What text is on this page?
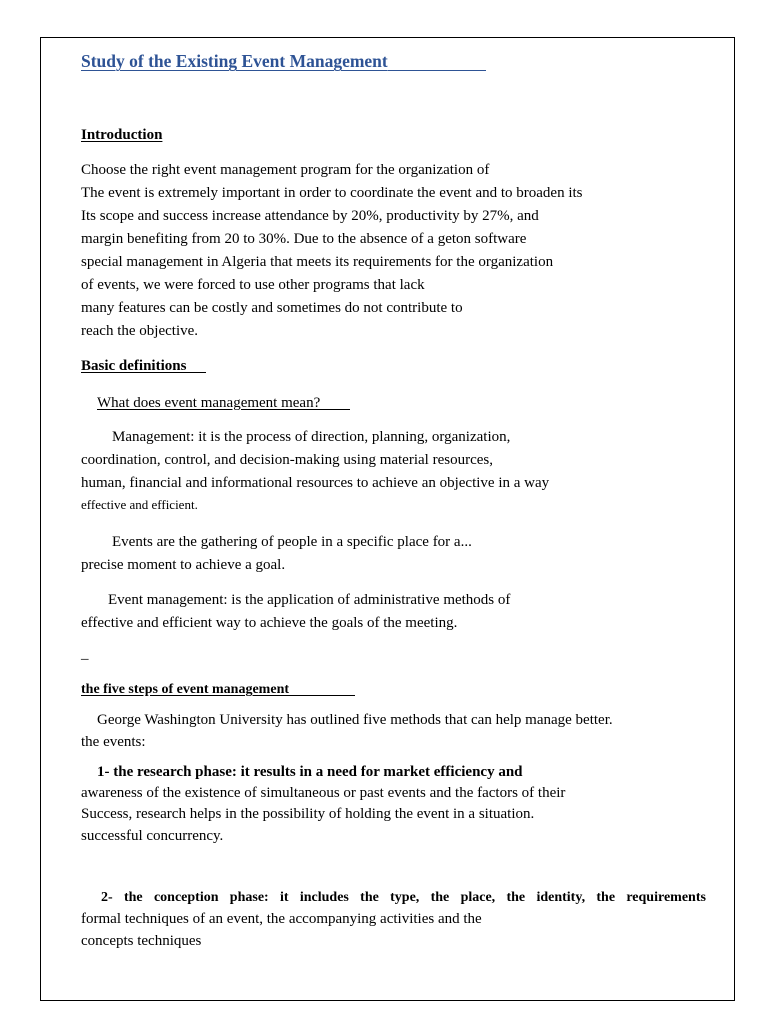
Study of the Existing Event Management
Introduction
Choose the right event management program for the organization of
The event is extremely important in order to coordinate the event and to broaden its
Its scope and success increase attendance by 20%, productivity by 27%, and
margin benefiting from 20 to 30%. Due to the absence of a geton software
special management in Algeria that meets its requirements for the organization
of events, we were forced to use other programs that lack
many features can be costly and sometimes do not contribute to
reach the objective.
Basic definitions
What does event management mean?
Management: it is the process of direction, planning, organization,
coordination, control, and decision-making using material resources,
human, financial and informational resources to achieve an objective in a way
effective and efficient.
Events are the gathering of people in a specific place for a...
precise moment to achieve a goal.
Event management: is the application of administrative methods of
effective and efficient way to achieve the goals of the meeting.
–
the five steps of event management
George Washington University has outlined five methods that can help manage better.
the events:
1- the research phase: it results in a need for market efficiency and
awareness of the existence of simultaneous or past events and the factors of their
Success, research helps in the possibility of holding the event in a situation.
successful concurrency.
2- the conception phase: it includes the type, the place, the identity, the requirements
formal techniques of an event, the accompanying activities and the
concepts techniques
